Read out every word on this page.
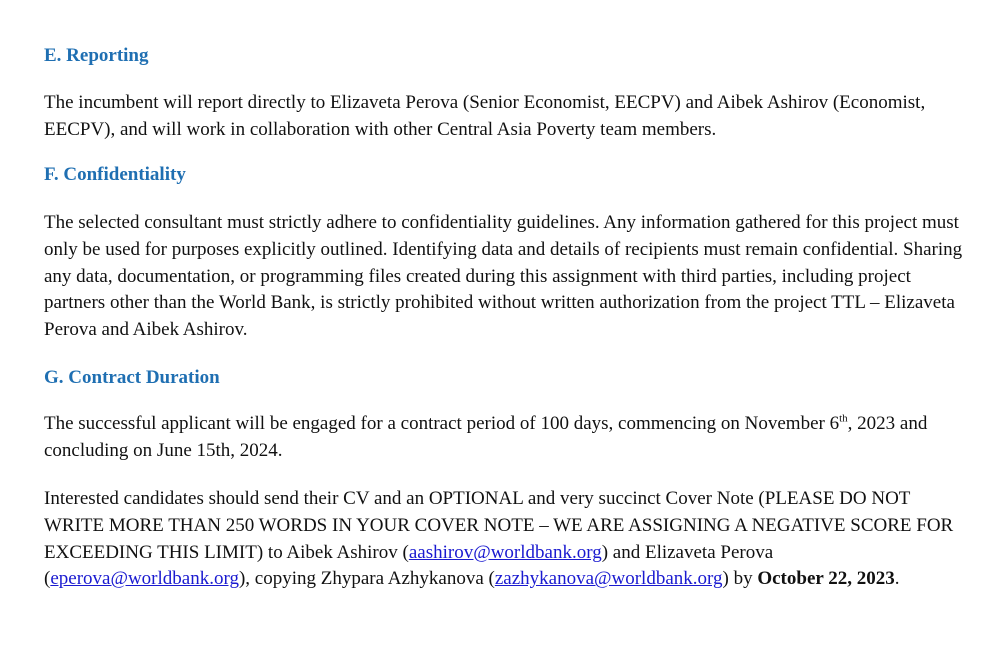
E. Reporting

The incumbent will report directly to Elizaveta Perova (Senior Economist, EECPV) and Aibek Ashirov (Economist, EECPV), and will work in collaboration with other Central Asia Poverty team members.

F. Confidentiality

The selected consultant must strictly adhere to confidentiality guidelines. Any information gathered for this project must only be used for purposes explicitly outlined. Identifying data and details of recipients must remain confidential. Sharing any data, documentation, or programming files created during this assignment with third parties, including project partners other than the World Bank, is strictly prohibited without written authorization from the project TTL – Elizaveta Perova and Aibek Ashirov.

G. Contract Duration

The successful applicant will be engaged for a contract period of 100 days, commencing on November 6th, 2023 and concluding on June 15th, 2024.

Interested candidates should send their CV and an OPTIONAL and very succinct Cover Note (PLEASE DO NOT WRITE MORE THAN 250 WORDS IN YOUR COVER NOTE – WE ARE ASSIGNING A NEGATIVE SCORE FOR EXCEEDING THIS LIMIT) to Aibek Ashirov (aashirov@worldbank.org) and Elizaveta Perova (eperova@worldbank.org), copying Zhypara Azhykanova (zazhykanova@worldbank.org) by October 22, 2023.
